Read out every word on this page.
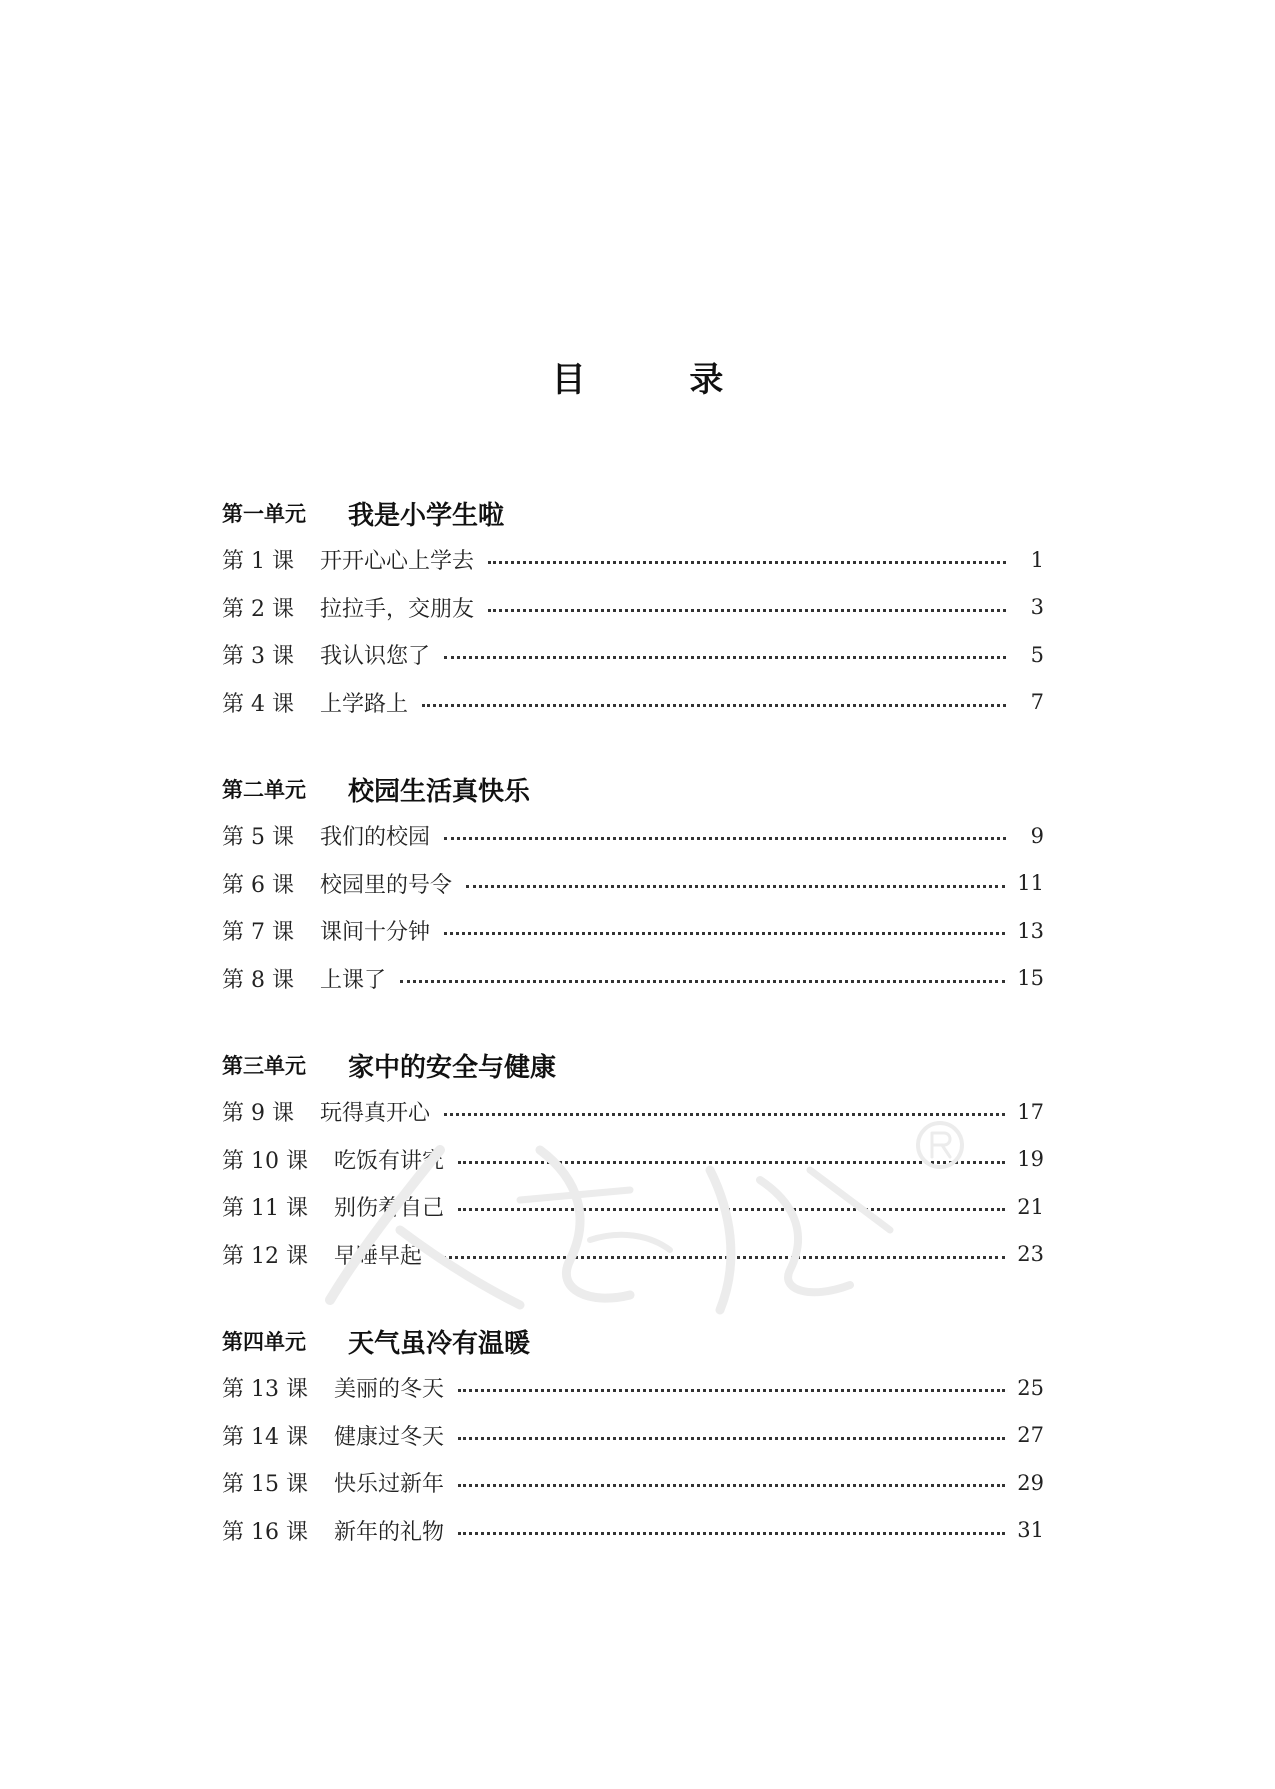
目 录
第一单元	我是小学生啦
第 1 课 开开心心上学去	1
第 2 课 拉拉手，交朋友	3
第 3 课 我认识您了	5
第 4 课 上学路上	7
第二单元	校园生活真快乐
第 5 课 我们的校园	9
第 6 课 校园里的号令	11
第 7 课 课间十分钟	13
第 8 课 上课了	15
第三单元	家中的安全与健康
第 9 课 玩得真开心	17
第 10 课 吃饭有讲究	19
第 11 课 别伤着自己	21
第 12 课 早睡早起	23
第四单元	天气虽冷有温暖
第 13 课 美丽的冬天	25
第 14 课 健康过冬天	27
第 15 课 快乐过新年	29
第 16 课 新年的礼物	31
